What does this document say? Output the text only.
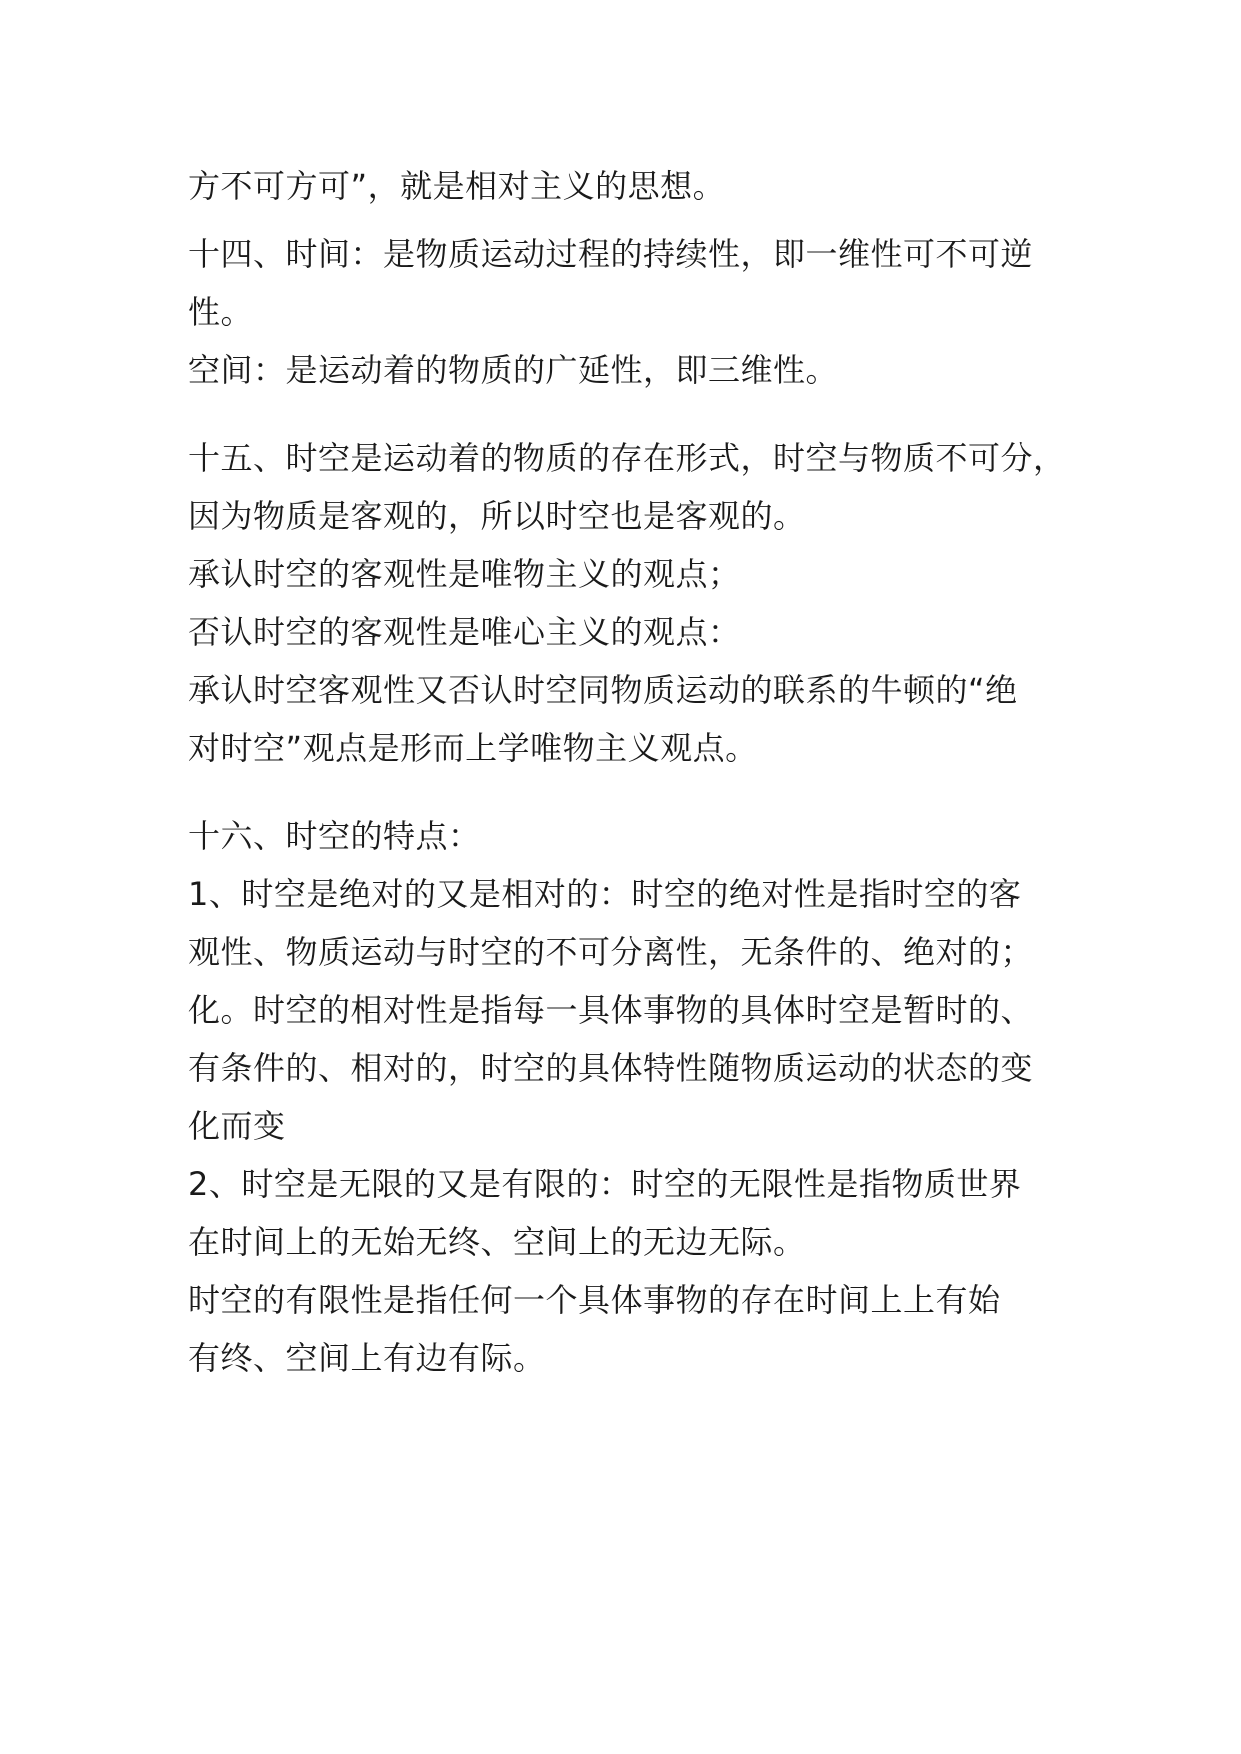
方不可方可”，就是相对主义的思想。
十四、时间：是物质运动过程的持续性，即一维性可不可逆
性。
空间：是运动着的物质的广延性，即三维性。
十五、时空是运动着的物质的存在形式，时空与物质不可分，
因为物质是客观的，所以时空也是客观的。
承认时空的客观性是唯物主义的观点；
否认时空的客观性是唯心主义的观点：
承认时空客观性又否认时空同物质运动的联系的牛顿的“绝
对时空”观点是形而上学唯物主义观点。
十六、时空的特点：
1、时空是绝对的又是相对的：时空的绝对性是指时空的客
观性、物质运动与时空的不可分离性，无条件的、绝对的；
化。时空的相对性是指每一具体事物的具体时空是暂时的、
有条件的、相对的，时空的具体特性随物质运动的状态的变
化而变
2、时空是无限的又是有限的：时空的无限性是指物质世界
在时间上的无始无终、空间上的无边无际。
时空的有限性是指任何一个具体事物的存在时间上上有始
有终、空间上有边有际。
